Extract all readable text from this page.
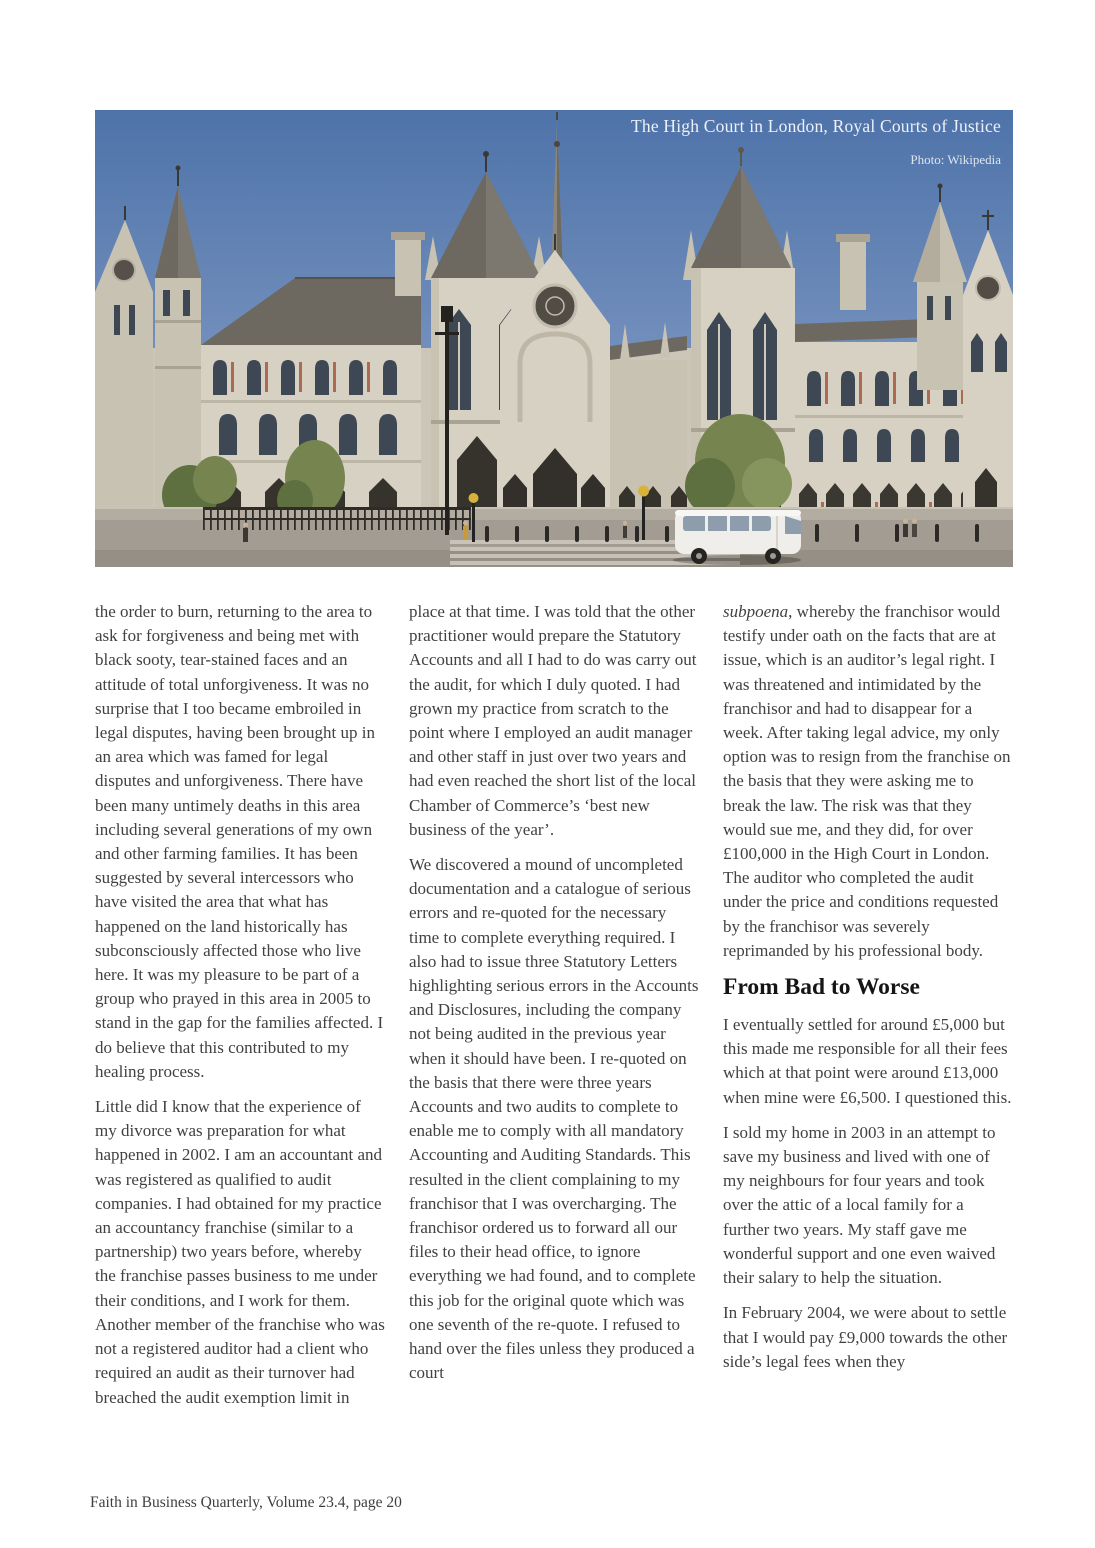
The High Court in London, Royal Courts of Justice
Photo: Wikipedia

the order to burn, returning to the area to ask for forgiveness and being met with black sooty, tear-stained faces and an attitude of total unforgiveness. It was no surprise that I too became embroiled in legal disputes, having been brought up in an area which was famed for legal disputes and unforgiveness. There have been many untimely deaths in this area including several generations of my own and other farming families. It has been suggested by several intercessors who have visited the area that what has happened on the land historically has subconsciously affected those who live here. It was my pleasure to be part of a group who prayed in this area in 2005 to stand in the gap for the families affected. I do believe that this contributed to my healing process.

Little did I know that the experience of my divorce was preparation for what happened in 2002. I am an accountant and was registered as qualified to audit companies. I had obtained for my practice an accountancy franchise (similar to a partnership) two years before, whereby the franchise passes business to me under their conditions, and I work for them. Another member of the franchise who was not a registered auditor had a client who required an audit as their turnover had breached the audit exemption limit in

place at that time. I was told that the other practitioner would prepare the Statutory Accounts and all I had to do was carry out the audit, for which I duly quoted. I had grown my practice from scratch to the point where I employed an audit manager and other staff in just over two years and had even reached the short list of the local Chamber of Commerce’s ‘best new business of the year’.

We discovered a mound of uncompleted documentation and a catalogue of serious errors and re-quoted for the necessary time to complete everything required. I also had to issue three Statutory Letters highlighting serious errors in the Accounts and Disclosures, including the company not being audited in the previous year when it should have been. I re-quoted on the basis that there were three years Accounts and two audits to complete to enable me to comply with all mandatory Accounting and Auditing Standards. This resulted in the client complaining to my franchisor that I was overcharging. The franchisor ordered us to forward all our files to their head office, to ignore everything we had found, and to complete this job for the original quote which was one seventh of the re-quote. I refused to hand over the files unless they produced a court

subpoena, whereby the franchisor would testify under oath on the facts that are at issue, which is an auditor’s legal right. I was threatened and intimidated by the franchisor and had to disappear for a week. After taking legal advice, my only option was to resign from the franchise on the basis that they were asking me to break the law. The risk was that they would sue me, and they did, for over £100,000 in the High Court in London. The auditor who completed the audit under the price and conditions requested by the franchisor was severely reprimanded by his professional body.

From Bad to Worse

I eventually settled for around £5,000 but this made me responsible for all their fees which at that point were around £13,000 when mine were £6,500. I questioned this.

I sold my home in 2003 in an attempt to save my business and lived with one of my neighbours for four years and took over the attic of a local family for a further two years. My staff gave me wonderful support and one even waived their salary to help the situation.

In February 2004, we were about to settle that I would pay £9,000 towards the other side’s legal fees when they

Faith in Business Quarterly, Volume 23.4, page 20
